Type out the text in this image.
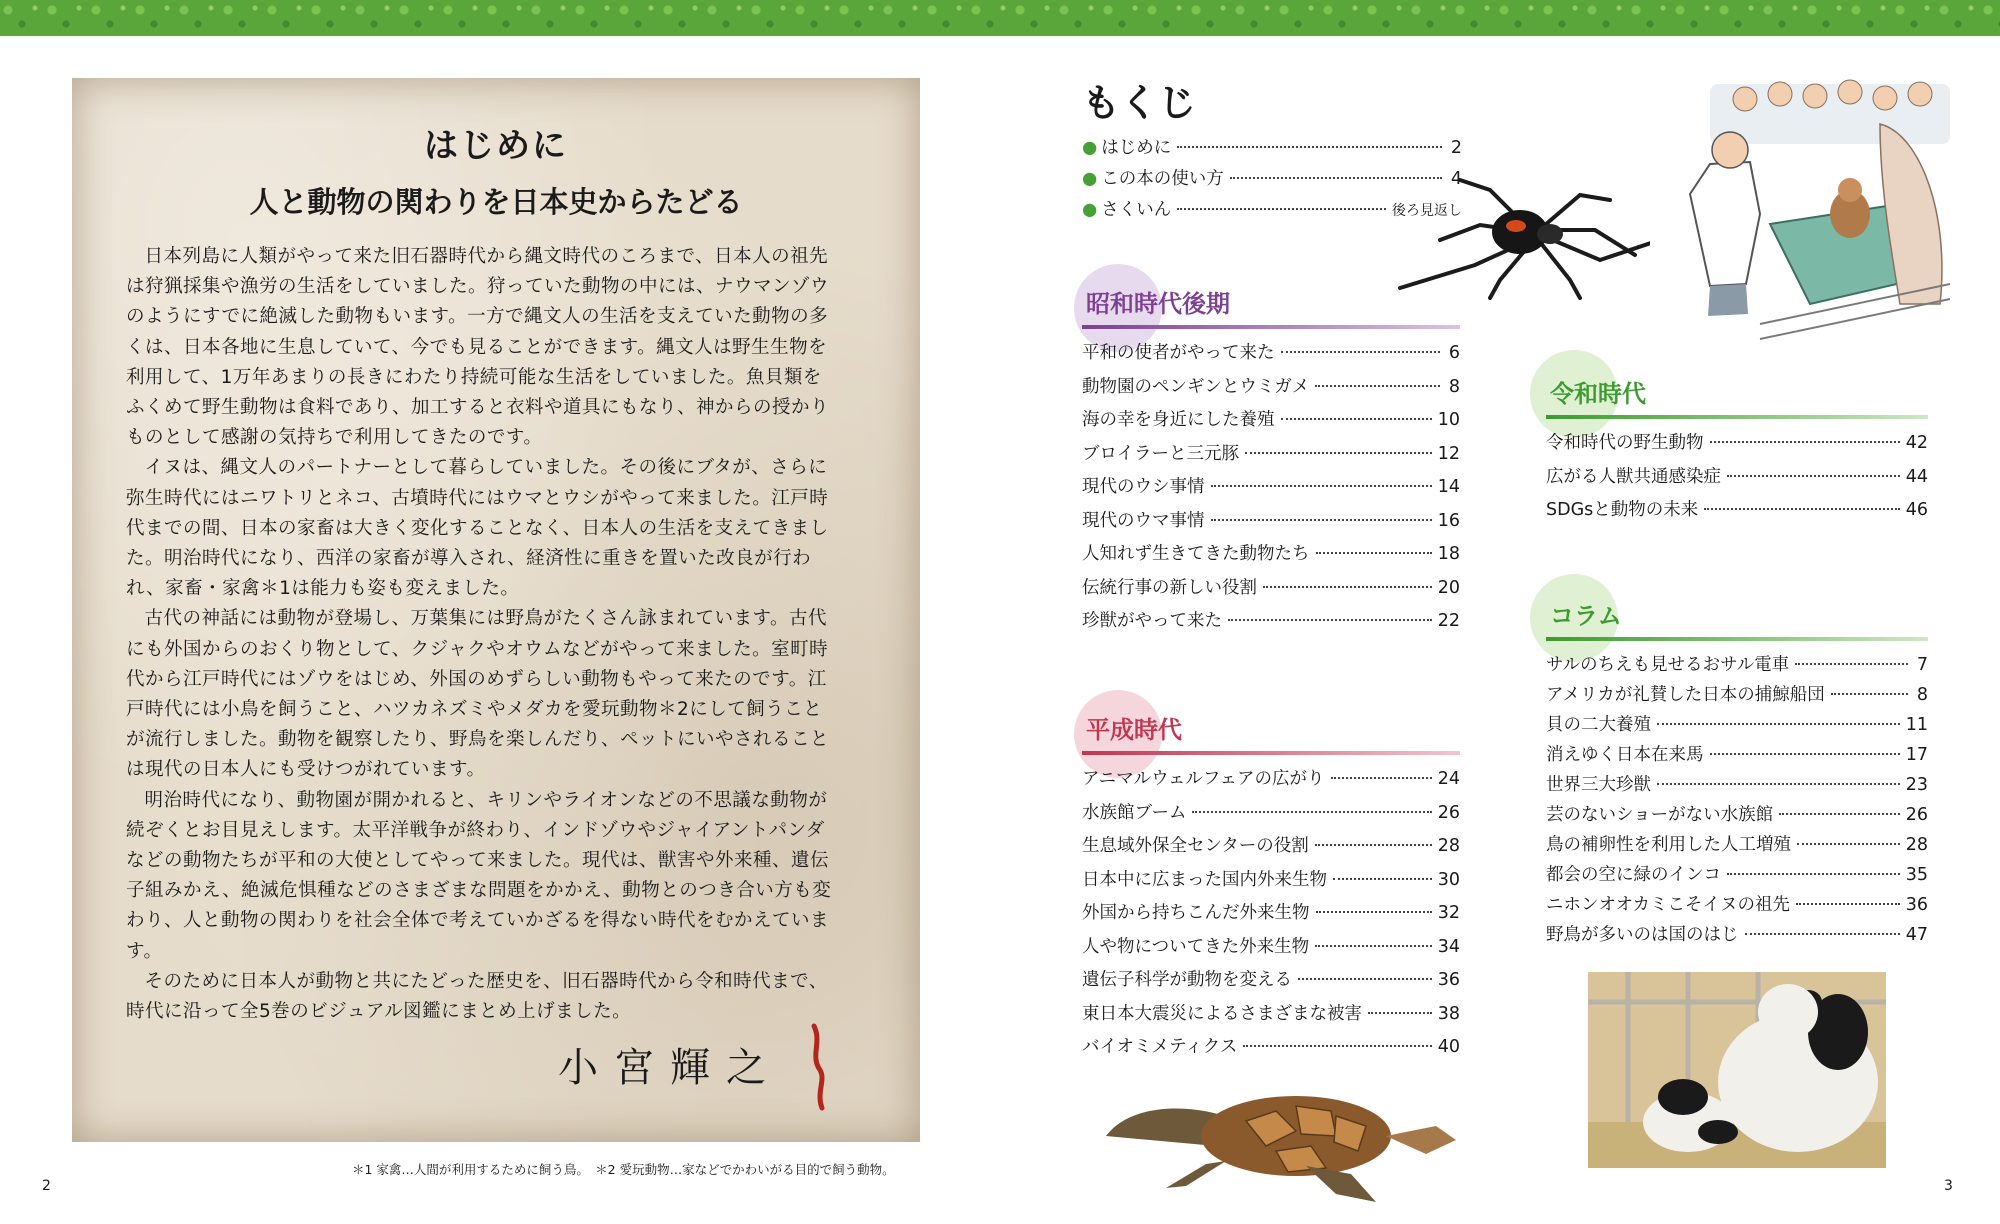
はじめに
人と動物の関わりを日本史からたどる

日本列島に人類がやって来た旧石器時代から縄文時代のころまで、日本人の祖先は狩猟採集や漁労の生活をしていました。狩っていた動物の中には、ナウマンゾウのようにすでに絶滅した動物もいます。一方で縄文人の生活を支えていた動物の多くは、日本各地に生息していて、今でも見ることができます。縄文人は野生生物を利用して、1万年あまりの長きにわたり持続可能な生活をしていました。魚貝類をふくめて野生動物は食料であり、加工すると衣料や道具にもなり、神からの授かりものとして感謝の気持ちで利用してきたのです。

イヌは、縄文人のパートナーとして暮らしていました。その後にブタが、さらに弥生時代にはニワトリとネコ、古墳時代にはウマとウシがやって来ました。江戸時代までの間、日本の家畜は大きく変化することなく、日本人の生活を支えてきました。明治時代になり、西洋の家畜が導入され、経済性に重きを置いた改良が行われ、家畜・家禽＊1は能力も姿も変えました。

古代の神話には動物が登場し、万葉集には野鳥がたくさん詠まれています。古代にも外国からのおくり物として、クジャクやオウムなどがやって来ました。室町時代から江戸時代にはゾウをはじめ、外国のめずらしい動物もやって来たのです。江戸時代には小鳥を飼うこと、ハツカネズミやメダカを愛玩動物＊2にして飼うことが流行しました。動物を観察したり、野鳥を楽しんだり、ペットにいやされることは現代の日本人にも受けつがれています。

明治時代になり、動物園が開かれると、キリンやライオンなどの不思議な動物が続ぞくとお目見えします。太平洋戦争が終わり、インドゾウやジャイアントパンダなどの動物たちが平和の大使としてやって来ました。現代は、獣害や外来種、遺伝子組みかえ、絶滅危惧種などのさまざまな問題をかかえ、動物とのつき合い方も変わり、人と動物の関わりを社会全体で考えていかざるを得ない時代をむかえています。

そのために日本人が動物と共にたどった歴史を、旧石器時代から令和時代まで、時代に沿って全5巻のビジュアル図鑑にまとめ上げました。

小宮輝之
＊1 家禽…人間が利用するために飼う鳥。　＊2 愛玩動物…家などでかわいがる目的で飼う動物。
2
もくじ
● はじめに	2
● この本の使い方	4
● さくいん	後ろ見返し
昭和時代後期
平和の使者がやって来た	6
動物園のペンギンとウミガメ	8
海の幸を身近にした養殖	10
ブロイラーと三元豚	12
現代のウシ事情	14
現代のウマ事情	16
人知れず生きてきた動物たち	18
伝統行事の新しい役割	20
珍獣がやって来た	22
平成時代
アニマルウェルフェアの広がり	24
水族館ブーム	26
生息域外保全センターの役割	28
日本中に広まった国内外来生物	30
外国から持ちこんだ外来生物	32
人や物についてきた外来生物	34
遺伝子科学が動物を変える	36
東日本大震災によるさまざまな被害	38
バイオミメティクス	40
令和時代
令和時代の野生動物	42
広がる人獣共通感染症	44
SDGsと動物の未来	46
コラム
サルのちえも見せるおサル電車	7
アメリカが礼賛した日本の捕鯨船団	8
貝の二大養殖	11
消えゆく日本在来馬	17
世界三大珍獣	23
芸のないショーがない水族館	26
鳥の補卵性を利用した人工増殖	28
都会の空に緑のインコ	35
ニホンオオカミこそイヌの祖先	36
野鳥が多いのは国のはじ	47
3
